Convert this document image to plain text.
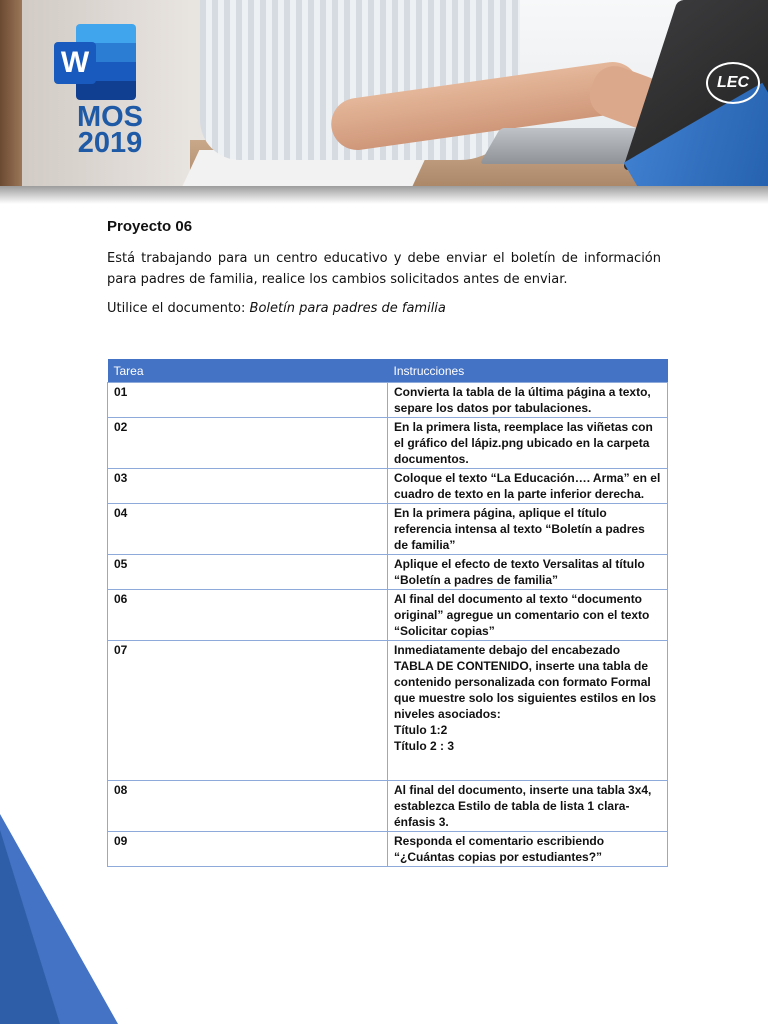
W
MOS
2019
LEC
Proyecto 06

Está trabajando para un centro educativo y debe enviar el boletín de información para padres de familia, realice los cambios solicitados antes de enviar.

Utilice el documento: Boletín para padres de familia

Tarea	Instrucciones
01	Convierta la tabla de la última página a texto, separe los datos por tabulaciones.

02	En la primera lista, reemplace las viñetas con el gráfico del lápiz.png ubicado en la carpeta documentos.

03	Coloque el texto “La Educación…. Arma” en el cuadro de texto en la parte inferior derecha.

04	En la primera página, aplique el título referencia intensa al texto “Boletín a padres de familia”

05	Aplique el efecto de texto Versalitas al título “Boletín a padres de familia”

06	Al final del documento al texto “documento original” agregue un comentario con el texto “Solicitar copias”

07	Inmediatamente debajo del encabezado TABLA DE CONTENIDO, inserte una tabla de contenido personalizada con formato Formal que muestre solo los siguientes estilos en los niveles asociados:
Título 1:2
Título 2 : 3

08	Al final del documento, inserte una tabla 3x4, establezca Estilo de tabla de lista 1 clara-énfasis 3.

09	Responda el comentario escribiendo “¿Cuántas copias por estudiantes?”
